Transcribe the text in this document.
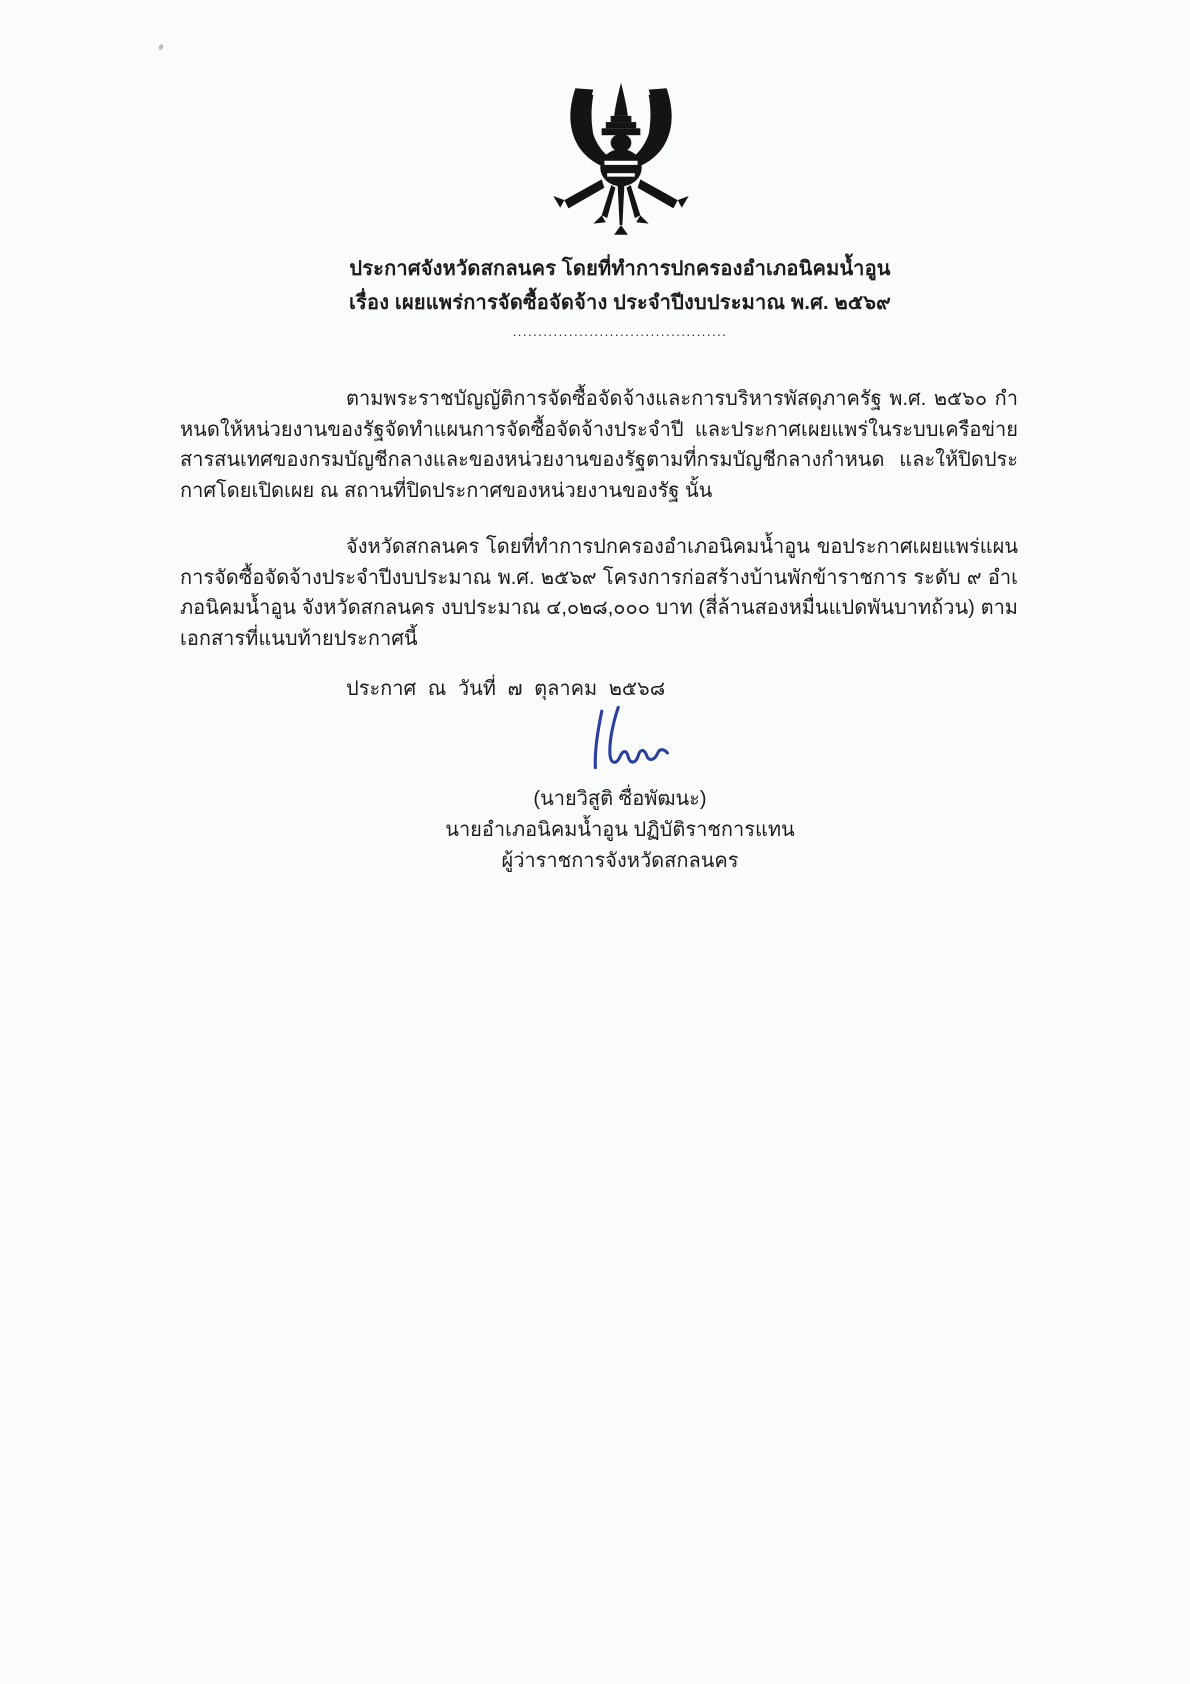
ประกาศจังหวัดสกลนคร โดยที่ทำการปกครองอำเภอนิคมน้ำอูน
เรื่อง เผยแพร่การจัดซื้อจัดจ้าง ประจำปีงบประมาณ พ.ศ. ๒๕๖๙
..........................................

ตามพระราชบัญญัติการจัดซื้อจัดจ้างและการบริหารพัสดุภาครัฐ พ.ศ. ๒๕๖๐ กำหนดให้หน่วยงานของรัฐจัดทำแผนการจัดซื้อจัดจ้างประจำปี และประกาศเผยแพร่ในระบบเครือข่ายสารสนเทศของกรมบัญชีกลางและของหน่วยงานของรัฐตามที่กรมบัญชีกลางกำหนด และให้ปิดประกาศโดยเปิดเผย ณ สถานที่ปิดประกาศของหน่วยงานของรัฐ นั้น

จังหวัดสกลนคร โดยที่ทำการปกครองอำเภอนิคมน้ำอูน ขอประกาศเผยแพร่แผนการจัดซื้อจัดจ้างประจำปีงบประมาณ พ.ศ. ๒๕๖๙ โครงการก่อสร้างบ้านพักข้าราชการ ระดับ ๙ อำเภอนิคมน้ำอูน จังหวัดสกลนคร งบประมาณ ๔,๐๒๘,๐๐๐ บาท (สี่ล้านสองหมื่นแปดพันบาทถ้วน) ตามเอกสารที่แนบท้ายประกาศนี้

ประกาศ ณ วันที่ ๗ ตุลาคม ๒๕๖๘
(นายวิสูติ ซื่อพัฒนะ)
นายอำเภอนิคมน้ำอูน ปฏิบัติราชการแทน
ผู้ว่าราชการจังหวัดสกลนคร
